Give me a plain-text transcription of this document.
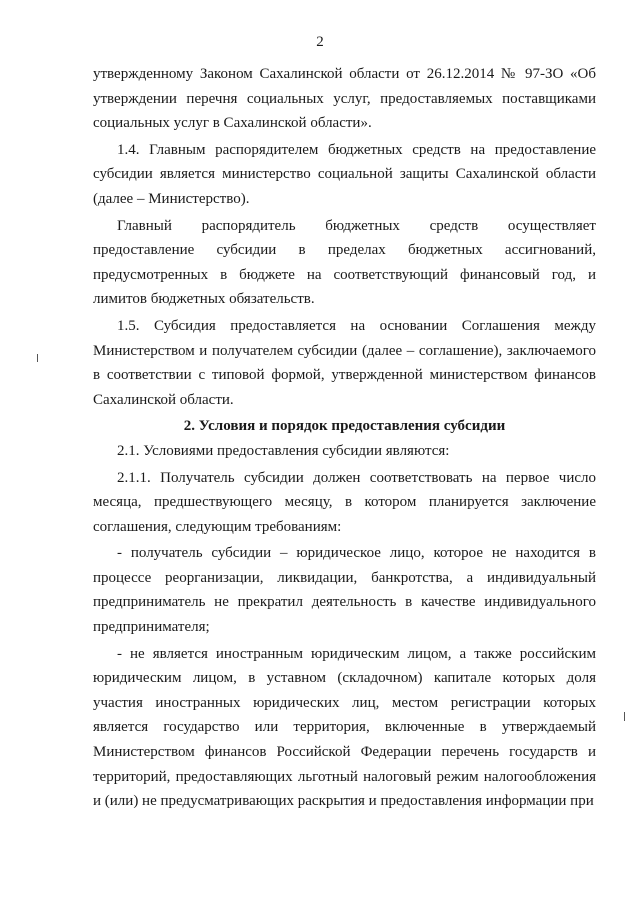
2

утвержденному Законом Сахалинской области от 26.12.2014 № 97-ЗО «Об утверждении перечня социальных услуг, предоставляемых поставщиками социальных услуг в Сахалинской области».

1.4. Главным распорядителем бюджетных средств на предоставление субсидии является министерство социальной защиты Сахалинской области (далее – Министерство).

Главный распорядитель бюджетных средств осуществляет предоставление субсидии в пределах бюджетных ассигнований, предусмотренных в бюджете на соответствующий финансовый год, и лимитов бюджетных обязательств.

1.5. Субсидия предоставляется на основании Соглашения между Министерством и получателем субсидии (далее – соглашение), заключаемого в соответствии с типовой формой, утвержденной министерством финансов Сахалинской области.

2. Условия и порядок предоставления субсидии

2.1. Условиями предоставления субсидии являются:

2.1.1. Получатель субсидии должен соответствовать на первое число месяца, предшествующего месяцу, в котором планируется заключение соглашения, следующим требованиям:

- получатель субсидии – юридическое лицо, которое не находится в процессе реорганизации, ликвидации, банкротства, а индивидуальный предприниматель не прекратил деятельность в качестве индивидуального предпринимателя;

- не является иностранным юридическим лицом, а также российским юридическим лицом, в уставном (складочном) капитале которых доля участия иностранных юридических лиц, местом регистрации которых является государство или территория, включенные в утверждаемый Министерством финансов Российской Федерации перечень государств и территорий, предоставляющих льготный налоговый режим налогообложения и (или) не предусматривающих раскрытия и предоставления информации при
